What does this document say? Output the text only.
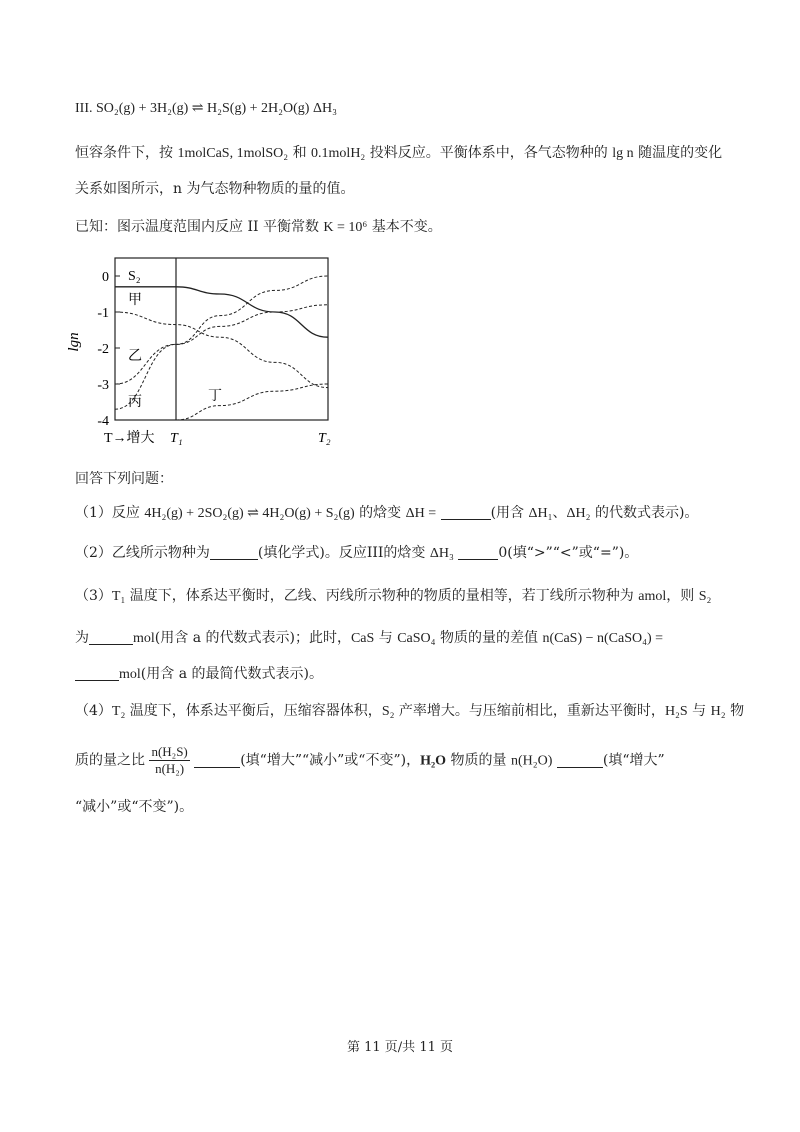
III. SO₂(g) + 3H₂(g) ⇌ H₂S(g) + 2H₂O(g) ΔH₃
恒容条件下，按 1molCaS, 1molSO₂ 和 0.1molH₂ 投料反应。平衡体系中，各气态物种的 lg n 随温度的变化
关系如图所示，n 为气态物种物质的量的值。
已知：图示温度范围内反应 II 平衡常数 K = 10⁶ 基本不变。
0
-1
-2
-3
-4
lgn
T→增大 T₁	T₂
S₂
甲
乙
丙	丁
回答下列问题：
（1）反应 4H₂(g) + 2SO₂(g) ⇌ 4H₂O(g) + S₂(g) 的焓变 ΔH =	(用含 ΔH₁、ΔH₂ 的代数式表示)。
（2）乙线所示物种为	(填化学式)。反应III的焓变 ΔH₃	0(填“>”“<”或“=”)。
（3）T₁ 温度下，体系达平衡时，乙线、丙线所示物种的物质的量相等，若丁线所示物种为 amol，则 S₂
为	mol(用含 a 的代数式表示)；此时，CaS 与 CaSO₄ 物质的量的差值 n(CaS) − n(CaSO₄) =
mol(用含 a 的最简代数式表示)。
（4）T₂ 温度下，体系达平衡后，压缩容器体积，S₂ 产率增大。与压缩前相比，重新达平衡时，H₂S 与 H₂ 物
质的量之比 $\frac{\text{n(H₂S)}}{\text{n(H₂)}}$	(填“增大”“减小”或“不变”)，H₂O 物质的量 n(H₂O)	(填“增大”
“减小”或“不变”)。
第 11 页/共 11 页
